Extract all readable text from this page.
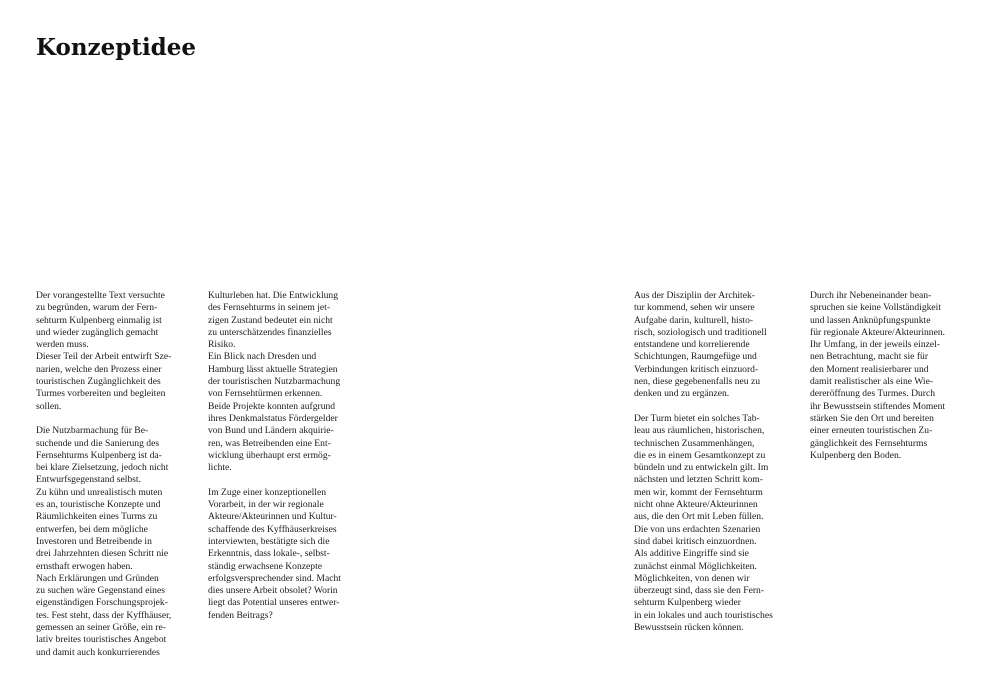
Konzeptidee

Der vorangestellte Text versuchte
zu begründen, warum der Fern-
sehturm Kulpenberg einmalig ist
und wieder zugänglich gemacht
werden muss.
Dieser Teil der Arbeit entwirft Sze-
narien, welche den Prozess einer
touristischen Zugänglichkeit des
Turmes vorbereiten und begleiten
sollen.

Die Nutzbarmachung für Be-
suchende und die Sanierung des
Fernsehturms Kulpenberg ist da-
bei klare Zielsetzung, jedoch nicht
Entwurfsgegenstand selbst.
Zu kühn und unrealistisch muten
es an, touristische Konzepte und
Räumlichkeiten eines Turms zu
entwerfen, bei dem mögliche
Investoren und Betreibende in
drei Jahrzehnten diesen Schritt nie
ernsthaft erwogen haben.
Nach Erklärungen und Gründen
zu suchen wäre Gegenstand eines
eigenständigen Forschungsprojek-
tes. Fest steht, dass der Kyffhäuser,
gemessen an seiner Größe, ein re-
lativ breites touristisches Angebot
und damit auch konkurrierendes

Kulturleben hat. Die Entwicklung
des Fernsehturms in seinem jet-
zigen Zustand bedeutet ein nicht
zu unterschätzendes finanzielles
Risiko.
Ein Blick nach Dresden und
Hamburg lässt aktuelle Strategien
der touristischen Nutzbarmachung
von Fernsehtürmen erkennen.
Beide Projekte konnten aufgrund
ihres Denkmalstatus Fördergelder
von Bund und Ländern akquirie-
ren, was Betreibenden eine Ent-
wicklung überhaupt erst ermög-
lichte.

Im Zuge einer konzeptionellen
Vorarbeit, in der wir regionale
Akteure/Akteurinnen und Kultur-
schaffende des Kyffhäuserkreises
interviewten, bestätigte sich die
Erkenntnis, dass lokale-, selbst-
ständig erwachsene Konzepte
erfolgsversprechender sind. Macht
dies unsere Arbeit obsolet? Worin
liegt das Potential unseres entwer-
fenden Beitrags?

Aus der Disziplin der Architek-
tur kommend, sehen wir unsere
Aufgabe darin, kulturell, histo-
risch, soziologisch und traditionell
entstandene und korrelierende
Schichtungen, Raumgefüge und
Verbindungen kritisch einzuord-
nen, diese gegebenenfalls neu zu
denken und zu ergänzen.

Der Turm bietet ein solches Tab-
leau aus räumlichen, historischen,
technischen Zusammenhängen,
die es in einem Gesamtkonzept zu
bündeln und zu entwickeln gilt. Im
nächsten und letzten Schritt kom-
men wir, kommt der Fernsehturm
nicht ohne Akteure/Akteurinnen
aus, die den Ort mit Leben füllen.
Die von uns erdachten Szenarien
sind dabei kritisch einzuordnen.
Als additive Eingriffe sind sie
zunächst einmal Möglichkeiten.
Möglichkeiten, von denen wir
überzeugt sind, dass sie den Fern-
sehturm Kulpenberg wieder
in ein lokales und auch touristisches
Bewusstsein rücken können.

Durch ihr Nebeneinander bean-
spruchen sie keine Vollständigkeit
und lassen Anknüpfungspunkte
für regionale Akteure/Akteurinnen.
Ihr Umfang, in der jeweils einzel-
nen Betrachtung, macht sie für
den Moment realisierbarer und
damit realistischer als eine Wie-
dereröffnung des Turmes. Durch
ihr Bewusstsein stiftendes Moment
stärken Sie den Ort und bereiten
einer erneuten touristischen Zu-
gänglichkeit des Fernsehturms
Kulpenberg den Boden.
